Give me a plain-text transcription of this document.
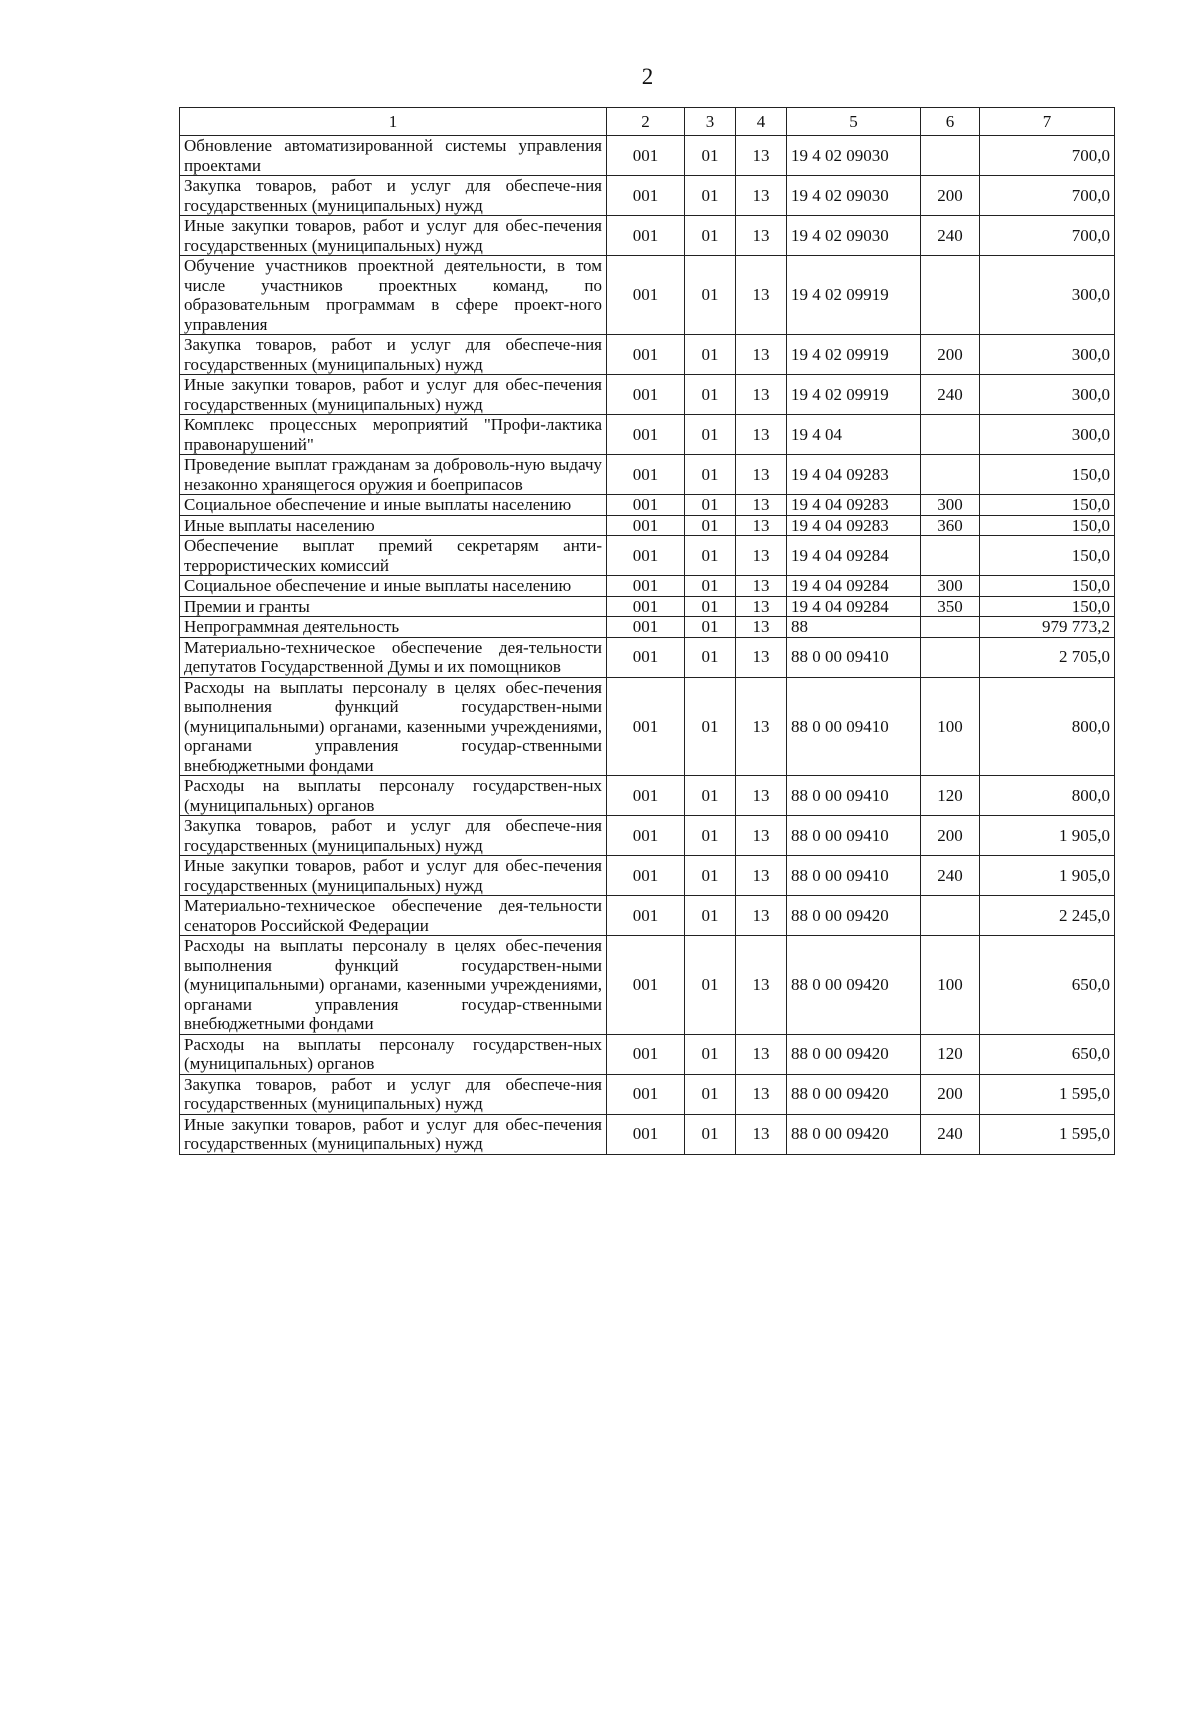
2
1	2	3	4	5	6	7
Обновление автоматизированной системы управления проектами	001	01	13	19 4 02 09030		700,0
Закупка товаров, работ и услуг для обеспече-ния государственных (муниципальных) нужд	001	01	13	19 4 02 09030	200	700,0
Иные закупки товаров, работ и услуг для обес-печения государственных (муниципальных) нужд	001	01	13	19 4 02 09030	240	700,0
Обучение участников проектной деятельности, в том числе участников проектных команд, по образовательным программам в сфере проект-ного управления	001	01	13	19 4 02 09919		300,0
Закупка товаров, работ и услуг для обеспече-ния государственных (муниципальных) нужд	001	01	13	19 4 02 09919	200	300,0
Иные закупки товаров, работ и услуг для обес-печения государственных (муниципальных) нужд	001	01	13	19 4 02 09919	240	300,0
Комплекс процессных мероприятий "Профи-лактика правонарушений"	001	01	13	19 4 04		300,0
Проведение выплат гражданам за доброволь-ную выдачу незаконно хранящегося оружия и боеприпасов	001	01	13	19 4 04 09283		150,0
Социальное обеспечение и иные выплаты населению	001	01	13	19 4 04 09283	300	150,0
Иные выплаты населению	001	01	13	19 4 04 09283	360	150,0
Обеспечение выплат премий секретарям анти-террористических комиссий	001	01	13	19 4 04 09284		150,0
Социальное обеспечение и иные выплаты населению	001	01	13	19 4 04 09284	300	150,0
Премии и гранты	001	01	13	19 4 04 09284	350	150,0
Непрограммная деятельность	001	01	13	88		979 773,2
Материально-техническое обеспечение дея-тельности депутатов Государственной Думы и их помощников	001	01	13	88 0 00 09410		2 705,0
Расходы на выплаты персоналу в целях обес-печения выполнения функций государствен-ными (муниципальными) органами, казенными учреждениями, органами управления государ-ственными внебюджетными фондами	001	01	13	88 0 00 09410	100	800,0
Расходы на выплаты персоналу государствен-ных (муниципальных) органов	001	01	13	88 0 00 09410	120	800,0
Закупка товаров, работ и услуг для обеспече-ния государственных (муниципальных) нужд	001	01	13	88 0 00 09410	200	1 905,0
Иные закупки товаров, работ и услуг для обес-печения государственных (муниципальных) нужд	001	01	13	88 0 00 09410	240	1 905,0
Материально-техническое обеспечение дея-тельности сенаторов Российской Федерации	001	01	13	88 0 00 09420		2 245,0
Расходы на выплаты персоналу в целях обес-печения выполнения функций государствен-ными (муниципальными) органами, казенными учреждениями, органами управления государ-ственными внебюджетными фондами	001	01	13	88 0 00 09420	100	650,0
Расходы на выплаты персоналу государствен-ных (муниципальных) органов	001	01	13	88 0 00 09420	120	650,0
Закупка товаров, работ и услуг для обеспече-ния государственных (муниципальных) нужд	001	01	13	88 0 00 09420	200	1 595,0
Иные закупки товаров, работ и услуг для обес-печения государственных (муниципальных) нужд	001	01	13	88 0 00 09420	240	1 595,0
